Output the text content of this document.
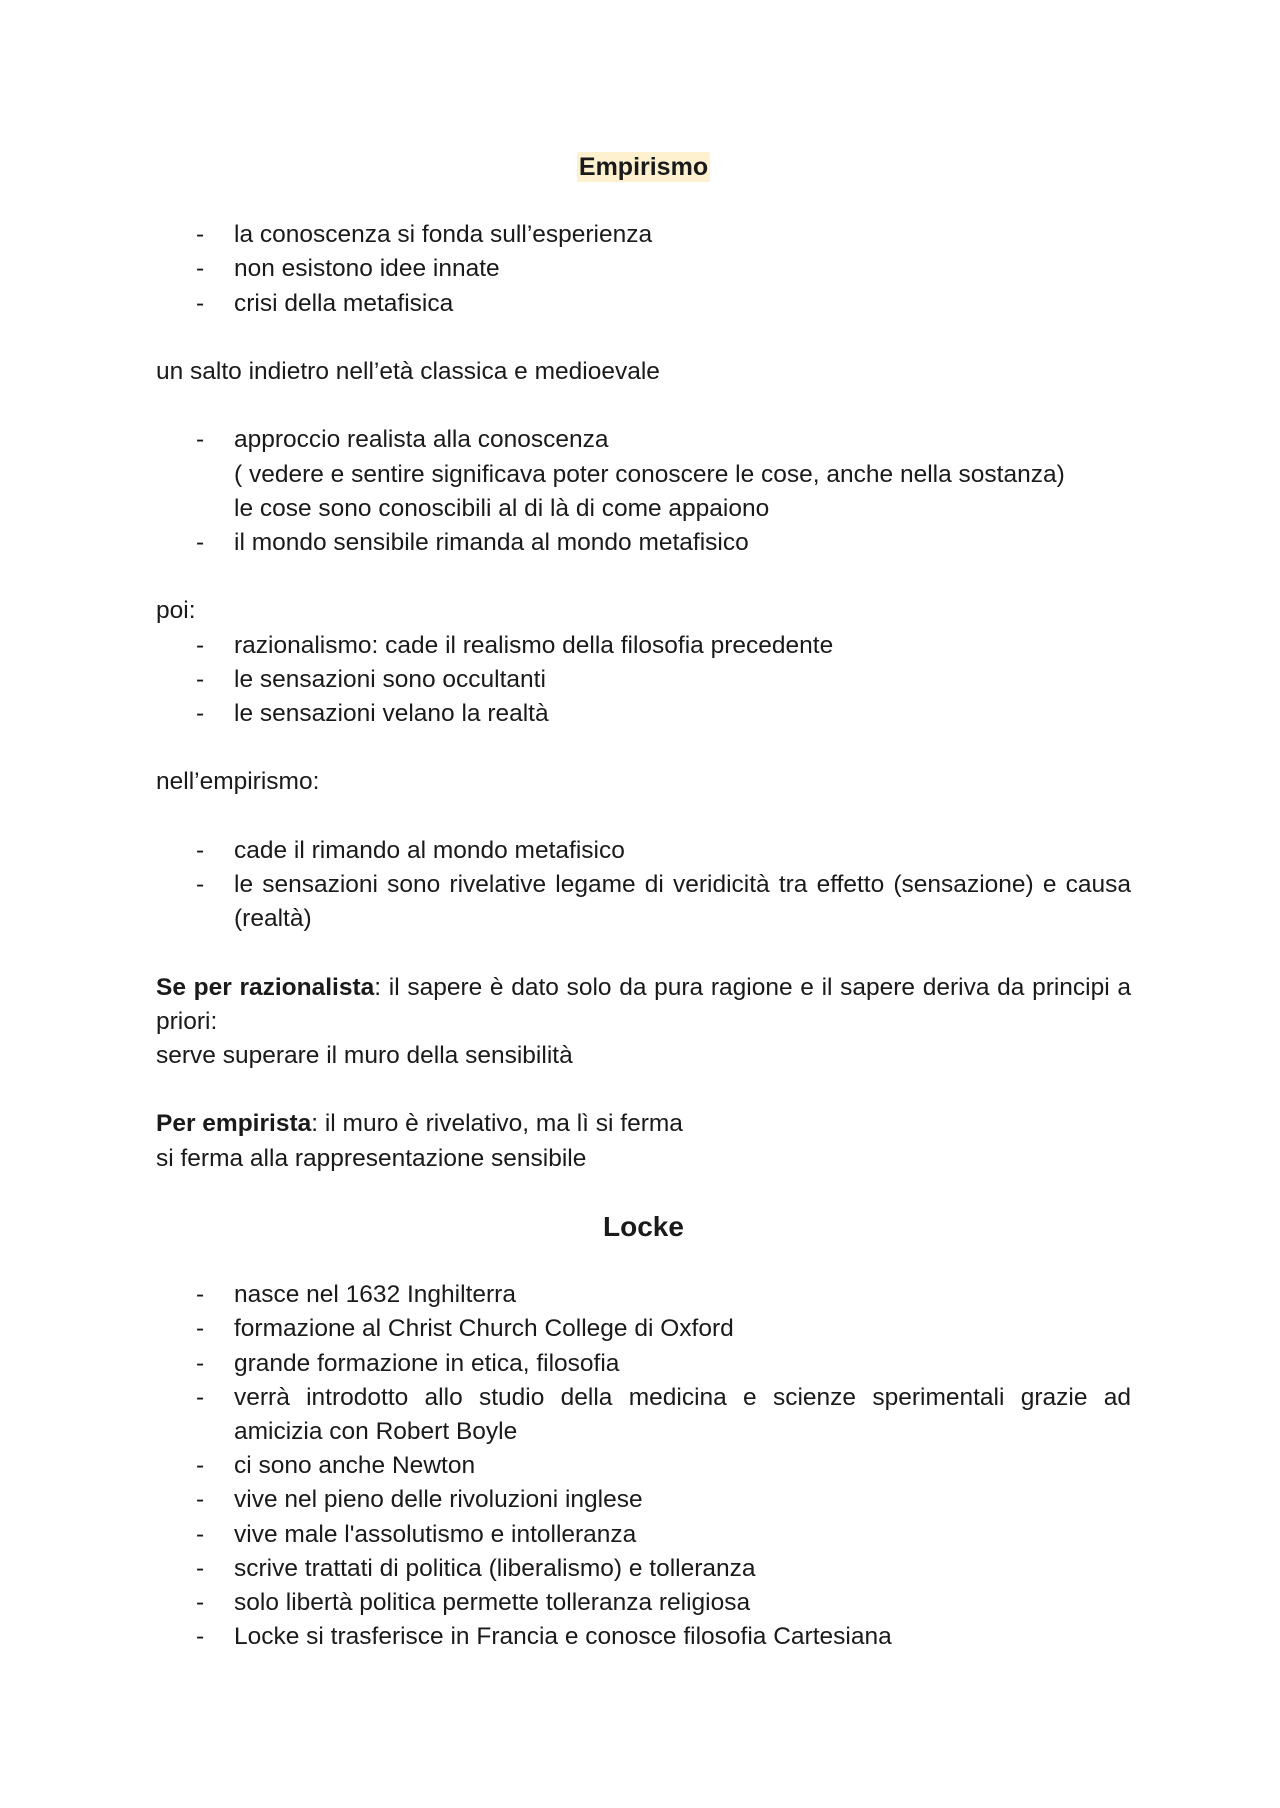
Empirismo
- la conoscenza si fonda sull’esperienza
- non esistono idee innate
- crisi della metafisica

un salto indietro nell’età classica e medioevale

- approccio realista alla conoscenza
( vedere e sentire significava poter conoscere le cose, anche nella sostanza)
le cose sono conoscibili al di là di come appaiono
- il mondo sensibile rimanda al mondo metafisico

poi:

- razionalismo: cade il realismo della filosofia precedente
- le sensazioni sono occultanti
- le sensazioni velano la realtà

nell’empirismo:

- cade il rimando al mondo metafisico
- le sensazioni sono rivelative legame di veridicità tra effetto (sensazione) e causa (realtà)

Se per razionalista: il sapere è dato solo da pura ragione e il sapere deriva da principi a priori:

serve superare il muro della sensibilità

Per empirista: il muro è rivelativo, ma lì si ferma

si ferma alla rappresentazione sensibile

Locke
- nasce nel 1632 Inghilterra
- formazione al Christ Church College di Oxford
- grande formazione in etica, filosofia
- verrà introdotto allo studio della medicina e scienze sperimentali grazie ad amicizia con Robert Boyle
- ci sono anche Newton
- vive nel pieno delle rivoluzioni inglese
- vive male l'assolutismo e intolleranza
- scrive trattati di politica (liberalismo) e tolleranza
- solo libertà politica permette tolleranza religiosa
- Locke si trasferisce in Francia e conosce filosofia Cartesiana
